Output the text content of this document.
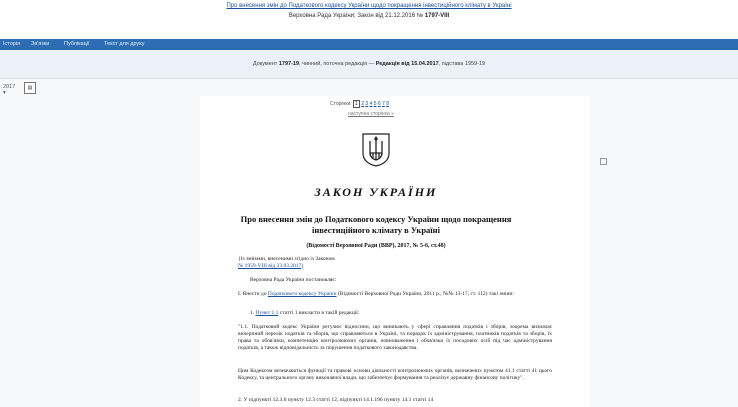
Про внесення змін до Податкового кодексу України щодо покращення інвестиційного клімату в Україні
Верховна Рада України; Закон від 21.12.2016 № 1797-VIII
Історія Зв'язки	Публікації	Текст для друку
Документ 1797-19, чинний, поточна редакція — Редакція від 15.04.2017, підстава 1959-19
2017 ▾
▤
Сторінки: 1 2 3 4 5 6 7 8
наступна сторінка »
ЗАКОН УКРАЇНИ
Про внесення змін до Податкового кодексу України щодо покращення інвестиційного клімату в Україні
(Відомості Верховної Ради (ВВР), 2017, № 5-6, ст.48)
{Із змінами, внесеними згідно із Законом
№ 1959-VIII від 23.03.2017}
Верховна Рада України постановляє:
I. Внести до Податкового кодексу України (Відомості Верховної Ради України, 2011 р., №№ 13-17, ст. 112) такі зміни:
1. Пункт 1.1 статті 1 викласти в такій редакції:
"1.1. Податковий кодекс України регулює відносини, що виникають у сфері справляння податків і зборів, зокрема визначає вичерпний перелік податків та зборів, що справляються в Україні, та порядок їх адміністрування, платників податків та зборів, їх права та обов'язки, компетенцію контролюючих органів, повноваження і обов'язки їх посадових осіб під час адміністрування податків, а також відповідальність за порушення податкового законодавства.
Цим Кодексом визначаються функції та правові основи діяльності контролюючих органів, визначених пунктом 41.1 статті 41 цього Кодексу, та центрального органу виконавчої влади, що забезпечує формування та реалізує державну фінансову політику".
2. У підпункті 12.3.6 пункту 12.3 статті 12, підпункті 14.1.196 пункту 14.1 статті 14
